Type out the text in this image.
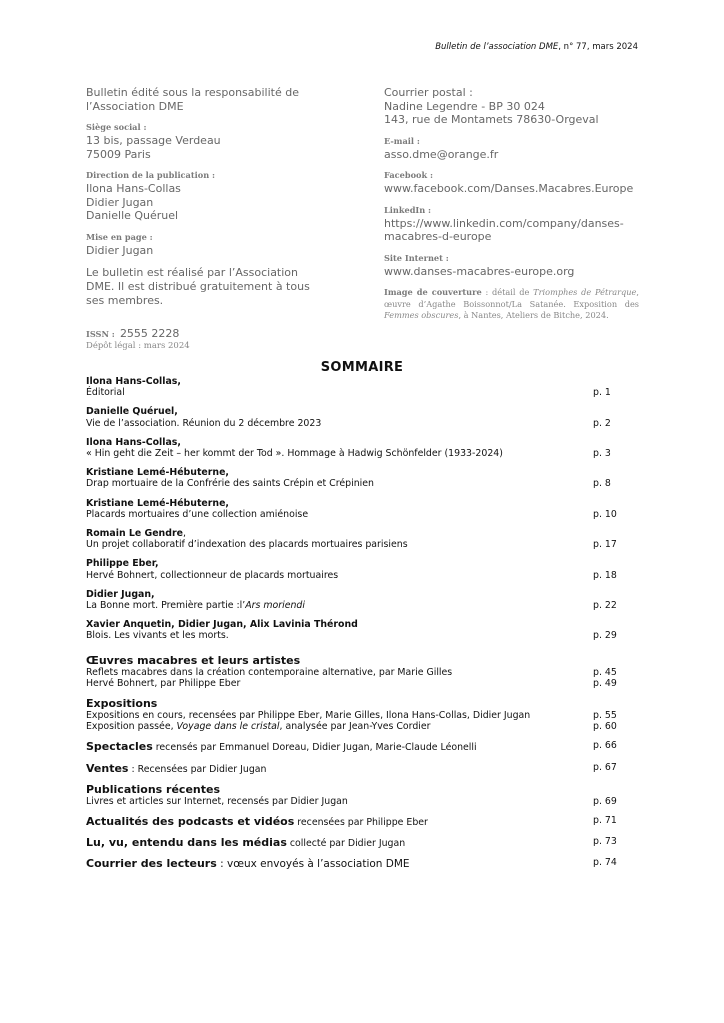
Bulletin de l’association DME, n° 77, mars 2024
Bulletin édité sous la responsabilité de l’Association DME
Siège social :
13 bis, passage Verdeau
75009 Paris
Direction de la publication :
Ilona Hans-Collas
Didier Jugan
Danielle Quéruel
Mise en page :
Didier Jugan
Le bulletin est réalisé par l’Association DME. Il est distribué gratuitement à tous ses membres.
ISSN : 2555 2228
Dépôt légal : mars 2024
Courrier postal :
Nadine Legendre - BP 30 024
143, rue de Montamets 78630-Orgeval
E-mail :
asso.dme@orange.fr
Facebook :
www.facebook.com/Danses.Macabres.Europe
LinkedIn :
https://www.linkedin.com/company/danses-macabres-d-europe
Site Internet :
www.danses-macabres-europe.org
Image de couverture : détail de Triomphes de Pétrarque, œuvre d’Agathe Boissonnot/La Satanée. Exposition des Femmes obscures, à Nantes, Ateliers de Bitche, 2024.
SOMMAIRE
Ilona Hans-Collas,
Éditorial	p. 1
Danielle Quéruel,
Vie de l’association. Réunion du 2 décembre 2023	p. 2
Ilona Hans-Collas,
« Hin geht die Zeit – her kommt der Tod ». Hommage à Hadwig Schönfelder (1933-2024)	p. 3
Kristiane Lemé-Hébuterne,
Drap mortuaire de la Confrérie des saints Crépin et Crépinien	p. 8
Kristiane Lemé-Hébuterne,
Placards mortuaires d’une collection amiénoise	p. 10
Romain Le Gendre,
Un projet collaboratif d’indexation des placards mortuaires parisiens	p. 17
Philippe Eber,
Hervé Bohnert, collectionneur de placards mortuaires	p. 18
Didier Jugan,
La Bonne mort. Première partie :l’Ars moriendi	p. 22
Xavier Anquetin, Didier Jugan, Alix Lavinia Thérond
Blois. Les vivants et les morts.	p. 29
Œuvres macabres et leurs artistes
Reflets macabres dans la création contemporaine alternative, par Marie Gilles	p. 45
Hervé Bohnert, par Philippe Eber	p. 49
Expositions
Expositions en cours, recensées par Philippe Eber, Marie Gilles, Ilona Hans-Collas, Didier Jugan	p. 55
Exposition passée, Voyage dans le cristal, analysée par Jean-Yves Cordier	p. 60
Spectacles recensés par Emmanuel Doreau, Didier Jugan, Marie-Claude Léonelli	p. 66
Ventes : Recensées par Didier Jugan	p. 67
Publications récentes
Livres et articles sur Internet, recensés par Didier Jugan	p. 69
Actualités des podcasts et vidéos recensées par Philippe Eber	p. 71
Lu, vu, entendu dans les médias collecté par Didier Jugan	p. 73
Courrier des lecteurs : vœux envoyés à l’association DME	p. 74
